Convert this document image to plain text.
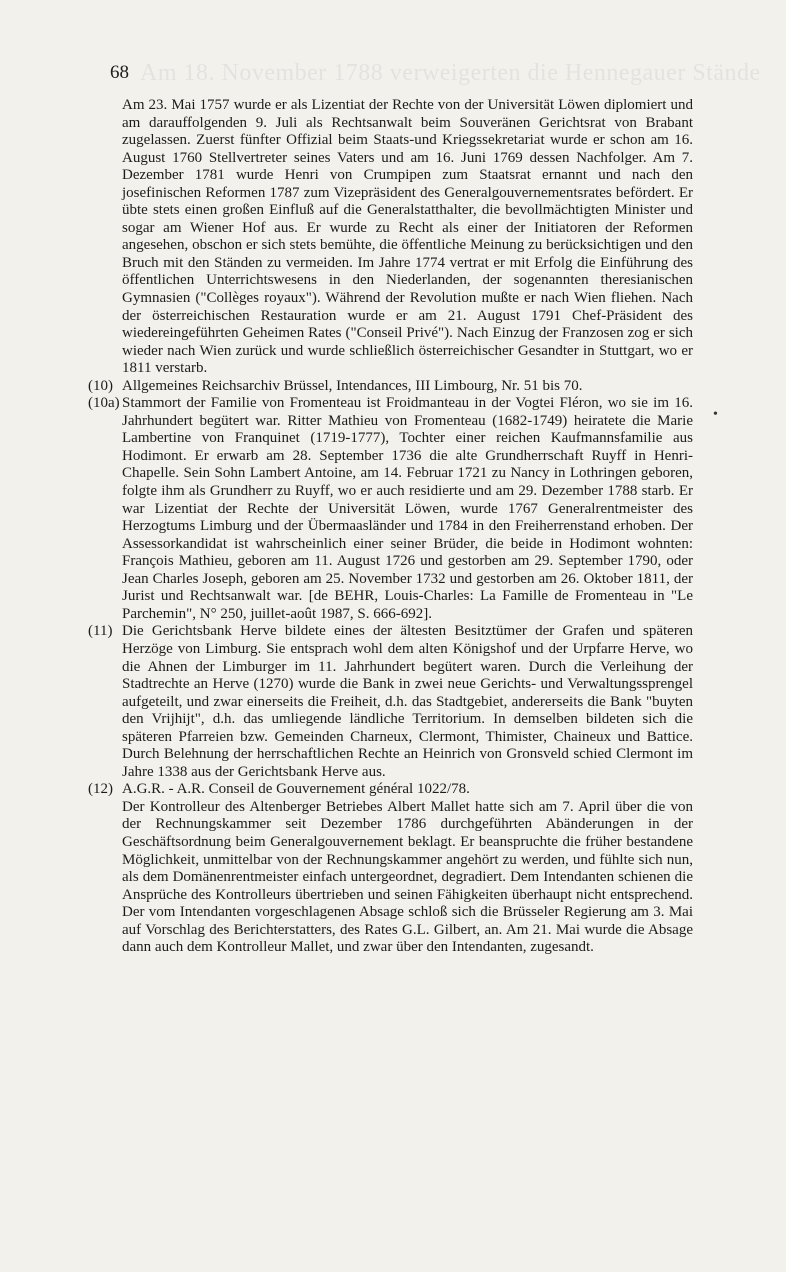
Am 18. November 1788 verweigerten die Hennegauer Stände
68
•
Am 23. Mai 1757 wurde er als Lizentiat der Rechte von der Universität Löwen diplomiert und am darauffolgenden 9. Juli als Rechtsanwalt beim Souveränen Gerichtsrat von Brabant zugelassen. Zuerst fünfter Offizial beim Staats-und Kriegssekretariat wurde er schon am 16. August 1760 Stellvertreter seines Vaters und am 16. Juni 1769 dessen Nachfolger. Am 7. Dezember 1781 wurde Henri von Crumpipen zum Staatsrat ernannt und nach den josefinischen Reformen 1787 zum Vizepräsident des Generalgouvernementsrates befördert. Er übte stets einen großen Einfluß auf die Generalstatthalter, die bevollmächtigten Minister und sogar am Wiener Hof aus. Er wurde zu Recht als einer der Initiatoren der Reformen angesehen, obschon er sich stets bemühte, die öffentliche Meinung zu berücksichtigen und den Bruch mit den Ständen zu vermeiden. Im Jahre 1774 vertrat er mit Erfolg die Einführung des öffentlichen Unterrichtswesens in den Niederlanden, der sogenannten theresianischen Gymnasien ("Collèges royaux"). Während der Revolution mußte er nach Wien fliehen. Nach der österreichischen Restauration wurde er am 21. August 1791 Chef-Präsident des wiedereingeführten Geheimen Rates ("Conseil Privé"). Nach Einzug der Franzosen zog er sich wieder nach Wien zurück und wurde schließlich österreichischer Gesandter in Stuttgart, wo er 1811 verstarb.
(10) Allgemeines Reichsarchiv Brüssel, Intendances, III Limbourg, Nr. 51 bis 70.

(10a) Stammort der Familie von Fromenteau ist Froidmanteau in der Vogtei Fléron, wo sie im 16. Jahrhundert begütert war. Ritter Mathieu von Fromenteau (1682-1749) heiratete die Marie Lambertine von Franquinet (1719-1777), Tochter einer reichen Kaufmannsfamilie aus Hodimont. Er erwarb am 28. September 1736 die alte Grundherrschaft Ruyff in Henri-Chapelle. Sein Sohn Lambert Antoine, am 14. Februar 1721 zu Nancy in Lothringen geboren, folgte ihm als Grundherr zu Ruyff, wo er auch residierte und am 29. Dezember 1788 starb. Er war Lizentiat der Rechte der Universität Löwen, wurde 1767 Generalrentmeister des Herzogtums Limburg und der Übermaasländer und 1784 in den Freiherrenstand erhoben. Der Assessorkandidat ist wahrscheinlich einer seiner Brüder, die beide in Hodimont wohnten: François Mathieu, geboren am 11. August 1726 und gestorben am 29. September 1790, oder Jean Charles Joseph, geboren am 25. November 1732 und gestorben am 26. Oktober 1811, der Jurist und Rechtsanwalt war. [de BEHR, Louis-Charles: La Famille de Fromenteau in "Le Parchemin", N° 250, juillet-août 1987, S. 666-692].

(11) Die Gerichtsbank Herve bildete eines der ältesten Besitztümer der Grafen und späteren Herzöge von Limburg. Sie entsprach wohl dem alten Königshof und der Urpfarre Herve, wo die Ahnen der Limburger im 11. Jahrhundert begütert waren. Durch die Verleihung der Stadtrechte an Herve (1270) wurde die Bank in zwei neue Gerichts- und Verwaltungssprengel aufgeteilt, und zwar einerseits die Freiheit, d.h. das Stadtgebiet, andererseits die Bank "buyten den Vrijhijt", d.h. das umliegende ländliche Territorium. In demselben bildeten sich die späteren Pfarreien bzw. Gemeinden Charneux, Clermont, Thimister, Chaineux und Battice. Durch Belehnung der herrschaftlichen Rechte an Heinrich von Gronsveld schied Clermont im Jahre 1338 aus der Gerichtsbank Herve aus.

(12) A.G.R. - A.R. Conseil de Gouvernement général 1022/78.

Der Kontrolleur des Altenberger Betriebes Albert Mallet hatte sich am 7. April über die von der Rechnungskammer seit Dezember 1786 durchgeführten Abänderungen in der Geschäftsordnung beim Generalgouvernement beklagt. Er beanspruchte die früher bestandene Möglichkeit, unmittelbar von der Rechnungskammer angehört zu werden, und fühlte sich nun, als dem Domänenrentmeister einfach untergeordnet, degradiert. Dem Intendanten schienen die Ansprüche des Kontrolleurs übertrieben und seinen Fähigkeiten überhaupt nicht entsprechend. Der vom Intendanten vorgeschlagenen Absage schloß sich die Brüsseler Regierung am 3. Mai auf Vorschlag des Berichterstatters, des Rates G.L. Gilbert, an. Am 21. Mai wurde die Absage dann auch dem Kontrolleur Mallet, und zwar über den Intendanten, zugesandt.
